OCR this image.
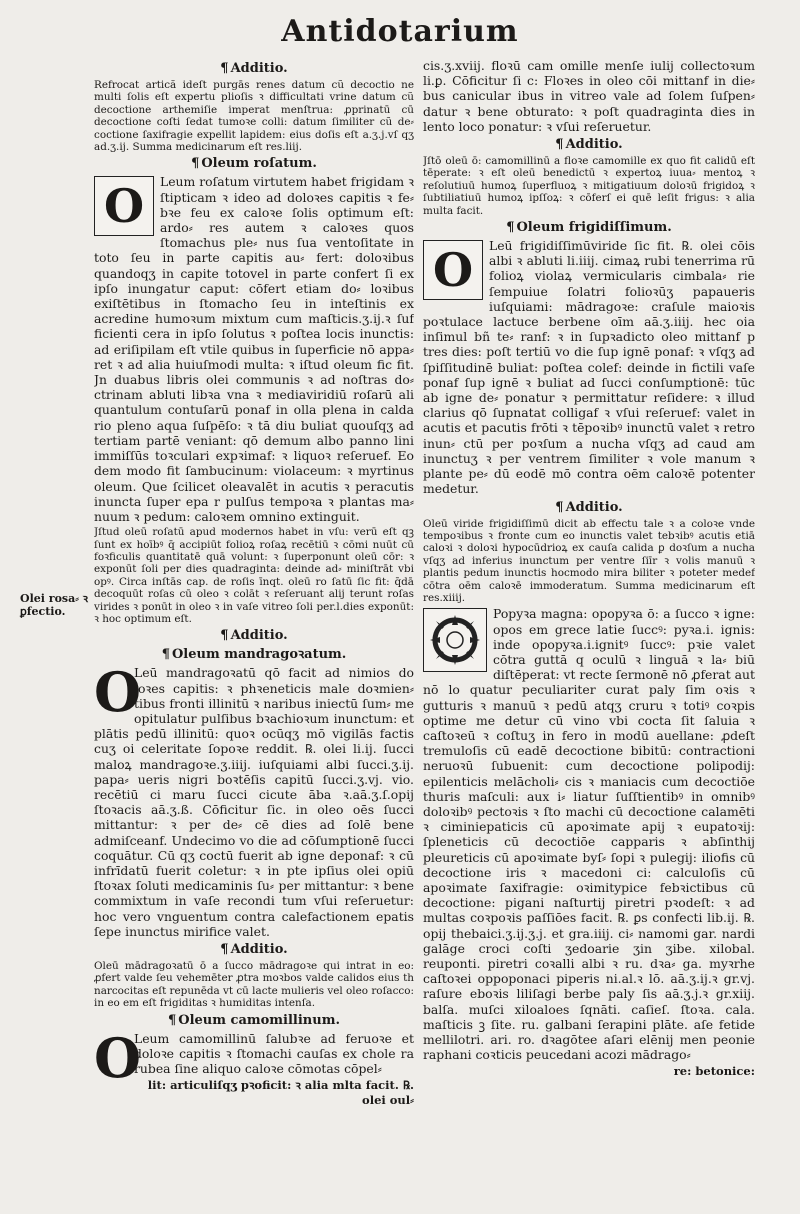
Antidotarium
Olei rosa⸗ ꝛ ꝑfectio.
¶ Additio.

Refrocat artică ideſt purgās renes datum cũ decoctio ne multi ſolis eſt expertu plioſis ꝛ difficultati vrine datum cũ decoctione arthemiſie imperat menſtrua: ꝓprinatū cū decoctione coſti ſedat tumoꝛe colli: datum ſimiliter cũ de⸗ coctione ſaxifragie expellit lapidem: eius doſis eſt a.ʒ.j.vſ qʒ ad.ʒ.ij. Summa medicinarum eſt res.liij.

¶ Oleum roſatum.
O	Leum roſatum virtutem habet frigidam ꝛ ſtipticam ꝛ ideo ad doloꝛes capitis ꝛ fe⸗ bꝛe feu ex caloꝛe ſolis optimum eſt: ardo⸗ res autem ꝛ caloꝛes quos ſtomachus ple⸗ nus ſua ventoſitate in toto ſeu in parte capitis au⸗ fert: doloꝛibus quandoqʒ in capite totovel in parte confert ſi ex ipſo inungatur caput: cōfert etiam do⸗ loꝛibus exiſtētibus in ſtomacho ſeu in inteſtinis ex acredine humoꝛum mixtum cum maſticis.ʒ.ij.ꝛ ſuf ficienti cera in ipſo ſolutus ꝛ poſtea locis inunctis: ad eriſipilam eſt vtile quibus in ſuperficie nō appa⸗ ret ꝛ ad alia huiuſmodi multa: ꝛ iſtud oleum fic fit. Jn duabus libris olei communis ꝛ ad noſtras do⸗ ctrinam abluti libꝛa vna ꝛ mediaviridiū roſarū ali quantulum contuſarū ponaf in olla plena in calda rio pleno aqua ſuſpēſo: ꝛ tā diu buliat quouſqʒ ad tertiam partē veniant: qō demum albo panno lini immiſſūs toꝛculari expꝛimaf: ꝛ liquoꝛ reſeruef. Eo dem modo fit ſambucinum: violaceum: ꝛ myrtinus oleum. Que ſcilicet oleavalēt in acutis ꝛ peracutis inuncta ſuper epa r pulſus tempoꝛa ꝛ plantas ma⸗ nuum ꝛ pedum: caloꝛem omnino extinguit.

Jſtud oleū roſatū apud modernos habet in vſu: verū eſt qꝫ ſunt ex hoībꝰ q̄ accipiūt folioꝝ roſaꝝ recētiū ꝛ cōmi nuūt cū foꝛficulis quantitatē quā volunt: ꝛ ſuperponunt oleū cōr: ꝛ exponūt ſoli per dies quadraginta: deinde ad⸗ miniſtrāt vbi opꝰ. Circa inſtās cap. de roſis īnqt. oleū ro ſatū ſic fit: q̄dā decoquūt roſas cū oleo ꝛ colāt ꝛ reſeruant alij terunt roſas virides ꝛ ponūt in oleo ꝛ in vaſe vitreo ſoli per.l.dies exponūt: ꝛ hoc optimum eſt.

¶ Additio.
¶ Oleum mandragoꝛatum.
O

Leū mandragoꝛatū qō facit ad nimios do loꝛes capitis: ꝛ phꝛeneticis male doꝛmien⸗ tibus fronti illinitū ꝛ naribus iniectū ſum⸗ me opitulatur pulſibus bꝛachioꝛum inunctum: et plātis pedū illinitū: quoꝛ ocūqʒ mō vigilās factis cuʒ oi celeritate ſopoꝛe reddit. ℞. olei li.ij. ſucci maloꝝ mandragoꝛe.ʒ.iiij. iuſquiami albi ſucci.ʒ.ij. papa⸗ ueris nigri boꝛtēſis capitū ſucci.ʒ.vj. vio. recētiū ci maru ſucci cicute āba ꝛ.aā.ʒ.ſ.opij ſtoꝛacis aā.ʒ.ß. Cōficitur ſic. in oleo oēs ſucci mittantur: ꝛ per de⸗ cē dies ad ſolē bene admiſceanf. Undecimo vo die ad cōſumptionē ſucci coquātur. Cū qʒ coctū fuerit ab igne deponaf: ꝛ cū infrīdatū fuerit coletur: ꝛ in pte ipſius olei opiū ſtoꝛax ſoluti medicaminis ſu⸗ per mittantur: ꝛ bene commixtum in vaſe recondi tum vſui reſeruetur: hoc vero vnguentum contra calefactionem epatis ſepe inunctus mirifice valet.

¶ Additio.

Oleū mādragoꝛatū ō a ſucco mādragoꝛe qui intrat in eo: ꝓfert valde ſeu vehemēter ꝓtra moꝛbos valde calidos eius th narcocitas eſt repunēda vt cū lacte mulieris vel oleo roſacco: in eo em eſt frigiditas ꝛ humiditas intenſa.

¶ Oleum camomillinum.
O

Leum camomillinū ſalubꝛe ad feruoꝛe et doloꝛe capitis ꝛ ſtomachi cauſas ex chole ra rubea ſine aliquo caloꝛe cōmotas cōpel⸗

lit: articuliſqʒ pꝛoficit: ꝛ alia mlta facit. ℞. olei oul⸗

cis.ʒ.xviij. floꝛū cam omille menſe iulij collectoꝛum li.ꝑ. Cōficitur ſi c: Floꝛes in oleo cōi mittanf in die⸗ bus canicular ibus in vitreo vale ad ſolem ſuſpen⸗ datur ꝛ bene obturato: ꝛ poſt quadraginta dies in lento loco ponatur: ꝛ vſui reſeruetur.

¶ Additio.

Jſtō oleū ō: camomillinū a floꝛe camomille ex quo fit calidū eſt tēperate: ꝛ eſt oleū benedictū ꝛ expertoꝝ iuua⸗ mentoꝝ ꝛ reſolutiuū humoꝝ ſuperfluoꝝ ꝛ mitigatiuum doloꝛū frigidoꝝ ꝛ ſubtiliatiuū humoꝝ ipſſoꝝ: ꝛ cōferſ ei quē leſit frigus: ꝛ alia multa facit.

¶ Oleum frigidiſſimum.
O	Leū frigidiſſimūviride ſic fit. ℞. olei cōis albi ꝛ abluti li.iiij. cimaꝝ rubi tenerrima rū folioꝝ violaꝝ vermicularis cimbala⸗ rie ſempuiue ſolatri folioꝛūʒ papaueris iuſquiami: mādragoꝛe: craſule maioꝛis poꝛtulace lactuce berbene oīm aā.ʒ.iiij. hec oia inſimul bñ te⸗ ranf: ꝛ in ſupꝛadicto oleo mittanf p tres dies: poſt tertiū vo die ſup ignē ponaf: ꝛ vſqʒ ad ſpiſſitudinē buliat: poſtea colef: deinde in fictili vaſe ponaf ſup ignē ꝛ buliat ad ſucci conſumptionē: tūc ab igne de⸗ ponatur ꝛ permittatur reſidere: ꝛ illud clarius qō ſupnatat colligaf ꝛ vſui reſeruef: valet in acutis et pacutis frōti ꝛ tēpoꝛibꝰ inunctū valet ꝛ retro inun⸗ ctū per poꝛſum a nucha vſqʒ ad caud am inunctuʒ ꝛ per ventrem ſimiliter ꝛ vole manum ꝛ plante pe⸗ dū eodē mō contra oēm caloꝛē potenter medetur.

¶ Additio.

Oleū viride frigidiſſimū dicit ab effectu tale ꝛ a coloꝛe vnde tempoꝛibus ꝛ fronte cum eo inunctis valet tebꝛibꝰ acutis etiā caloꝛi ꝛ doloꝛi hypocūdrioꝝ ex cauſa calida ꝑ doꝛſum a nucha vſqʒ ad inferius inunctum per ventre ſiīr ꝛ volis manuū ꝛ plantis pedum inunctis hocmodo mira biliter ꝛ poteter medef cōtra oēm caloꝛē immoderatum. Summa medicinarum eſt res.xiiij.

Popyꝛa magna: opopyꝛa ō: a ſucco ꝛ igne: opos em grece latie ſuccꝰ: pyꝛa.i. ignis: inde opopyꝛa.i.ignitꝰ ſuccꝰ: pꝛie valet cōtra guttā q oculū ꝛ linguā ꝛ la⸗ biū diſtēperat: vt recte ſermonē nō ꝓferat aut nō lo quatur peculiariter curat paly ſim oꝛis ꝛ gutturis ꝛ manuū ꝛ pedū atqʒ cruru ꝛ totiꝰ coꝛpis optime me detur cū vino vbi cocta ſit ſaluia ꝛ caſtoꝛeū ꝛ coſtuʒ in fero in modū auellane: ꝓdeſt tremuloſis cū eadē decoctione bibitū: contractioni neruoꝛū ſubuenit: cum decoctione polipodij: epilenticis melācholi⸗ cis ꝛ maniacis cum decoctiōe thuris maſculi: aux i⸗ liatur ſuſſtientibꝰ in omnibꝰ doloꝛibꝰ pectoꝛis ꝛ ſto machi cū decoctione calamēti ꝛ ciminiepaticis cū apoꝛimate apij ꝛ eupatoꝛij: ſpleneticis cū decoctiōe capparis ꝛ abſinthij pleureticis cū apoꝛimate byſ⸗ ſopi ꝛ pulegij: iliofis cū decoctione iris ꝛ macedoni ci: calculoſis cū apoꝛimate ſaxifragie: oꝛimitypice febꝛictibus cū decoctione: pigani naſturtij piretri pꝛodeſt: ꝛ ad multas coꝛpoꝛis paſſiōes facit. ℞. ꝑs confecti lib.ij. ℞. opij thebaici.ʒ.ij.ʒ.j. et gra.iiij. ci⸗ namomi gar. nardi galāge croci coſti ʒedoarie ʒin ʒibe. xilobal. reuponti. piretri coꝛalli albi ꝛ ru. dꝛa⸗ ga. myꝛrhe caſtoꝛei oppoponaci piperis ni.al.ꝛ lō. aā.ʒ.ij.ꝛ gr.vj. raſure eboꝛis liliſagi berbe paly ſis aā.ʒ.j.ꝛ gr.xiij. balſa. muſci xiloaloes ſqnāti. caſieſ. ſtoꝛa. cala. maſticis ꝫ ſite. ru. galbani ſerapini plāte. aſe fetide mellilotri. ari. ro. dꝛagōtee aſari elēnij men peonie raphani coꝛticis peucedani acozi mādrago⸗

re: betonice:
